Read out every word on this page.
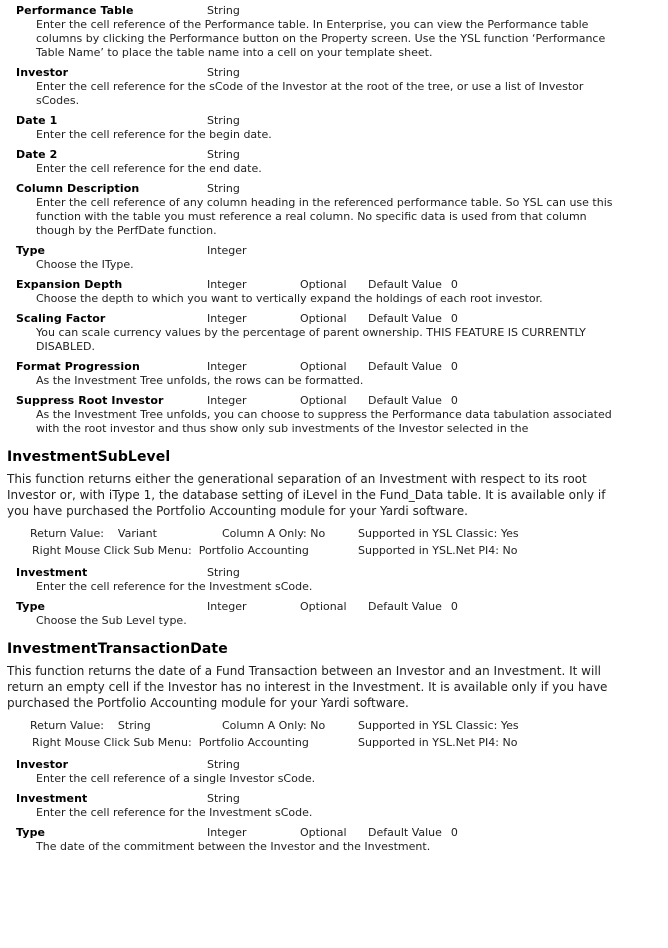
Performance Table	String
Enter the cell reference of the Performance table. In Enterprise, you can view the Performance table columns by clicking the Performance button on the Property screen. Use the YSL function ‘Performance Table Name’ to place the table name into a cell on your template sheet.
Investor	String
Enter the cell reference for the sCode of the Investor at the root of the tree, or use a list of Investor sCodes.
Date 1	String
Enter the cell reference for the begin date.
Date 2	String
Enter the cell reference for the end date.
Column Description	String
Enter the cell reference of any column heading in the referenced performance table. So YSL can use this function with the table you must reference a real column. No specific data is used from that column though by the PerfDate function.
Type	Integer
Choose the IType.
Expansion Depth	Integer	Optional Default Value 0
Choose the depth to which you want to vertically expand the holdings of each root investor.
Scaling Factor	Integer	Optional Default Value 0
You can scale currency values by the percentage of parent ownership. THIS FEATURE IS CURRENTLY DISABLED.
Format Progression	Integer	Optional Default Value 0
As the Investment Tree unfolds, the rows can be formatted.
Suppress Root Investor	Integer	Optional Default Value 0
As the Investment Tree unfolds, you can choose to suppress the Performance data tabulation associated with the root investor and thus show only sub investments of the Investor selected in the
InvestmentSubLevel
This function returns either the generational separation of an Investment with respect to its root Investor or, with iType 1, the database setting of iLevel in the Fund_Data table. It is available only if you have purchased the Portfolio Accounting module for your Yardi software.
Return Value: Variant	Column A Only: No	Supported in YSL Classic: Yes
Right Mouse Click Sub Menu: Portfolio Accounting	Supported in YSL.Net PI4: No
Investment	String
Enter the cell reference for the Investment sCode.
Type	Integer	Optional Default Value 0
Choose the Sub Level type.
InvestmentTransactionDate
This function returns the date of a Fund Transaction between an Investor and an Investment. It will return an empty cell if the Investor has no interest in the Investment. It is available only if you have purchased the Portfolio Accounting module for your Yardi software.
Return Value: String	Column A Only: No	Supported in YSL Classic: Yes
Right Mouse Click Sub Menu: Portfolio Accounting	Supported in YSL.Net PI4: No
Investor	String
Enter the cell reference of a single Investor sCode.
Investment	String
Enter the cell reference for the Investment sCode.
Type	Integer	Optional Default Value 0
The date of the commitment between the Investor and the Investment.
